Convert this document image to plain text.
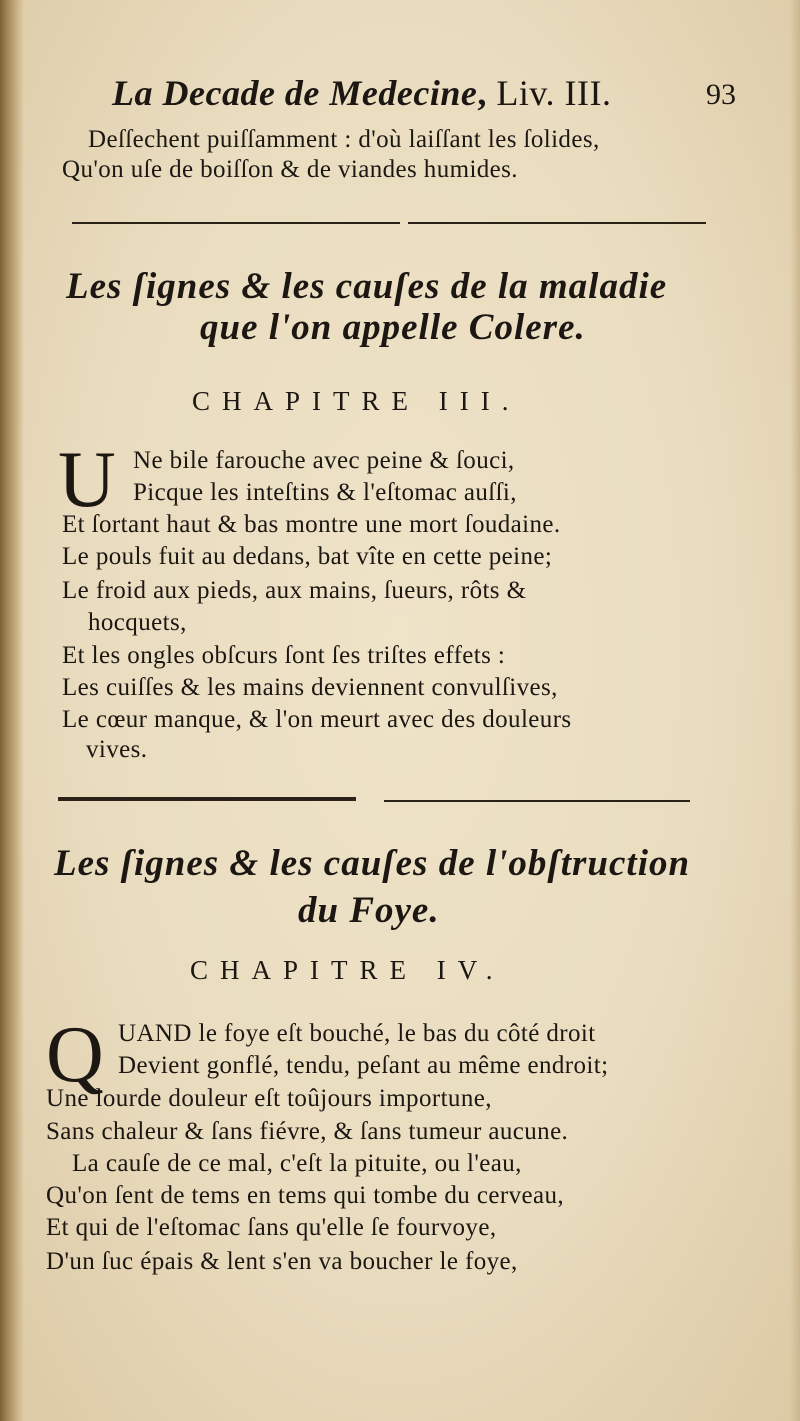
La Decade de Medecine, Liv. III.	93
Deſſechent puiſſamment : d'où laiſſant les ſolides,
Qu'on uſe de boiſſon & de viandes humides.
Les ſignes & les cauſes de la maladie
que l'on appelle Colere.
CHAPITRE III.
U Ne bile farouche avec peine & ſouci,
Picque les inteſtins & l'eſtomac auſſi,
Et ſortant haut & bas montre une mort ſoudaine.
Le pouls fuit au dedans, bat vîte en cette peine;
Le froid aux pieds, aux mains, ſueurs, rôts &
hocquets,
Et les ongles obſcurs ſont ſes triſtes effets :
Les cuiſſes & les mains deviennent convulſives,
Le cœur manque, & l'on meurt avec des douleurs
vives.
Les ſignes & les cauſes de l'obſtruction
du Foye.
CHAPITRE IV.
Q UAND le foye eſt bouché, le bas du côté droit
Devient gonflé, tendu, peſant au même endroit;
Une lourde douleur eſt toûjours importune,
Sans chaleur & ſans fiévre, & ſans tumeur aucune.
La cauſe de ce mal, c'eſt la pituite, ou l'eau,
Qu'on ſent de tems en tems qui tombe du cerveau,
Et qui de l'eſtomac ſans qu'elle ſe fourvoye,
D'un ſuc épais & lent s'en va boucher le foye,
